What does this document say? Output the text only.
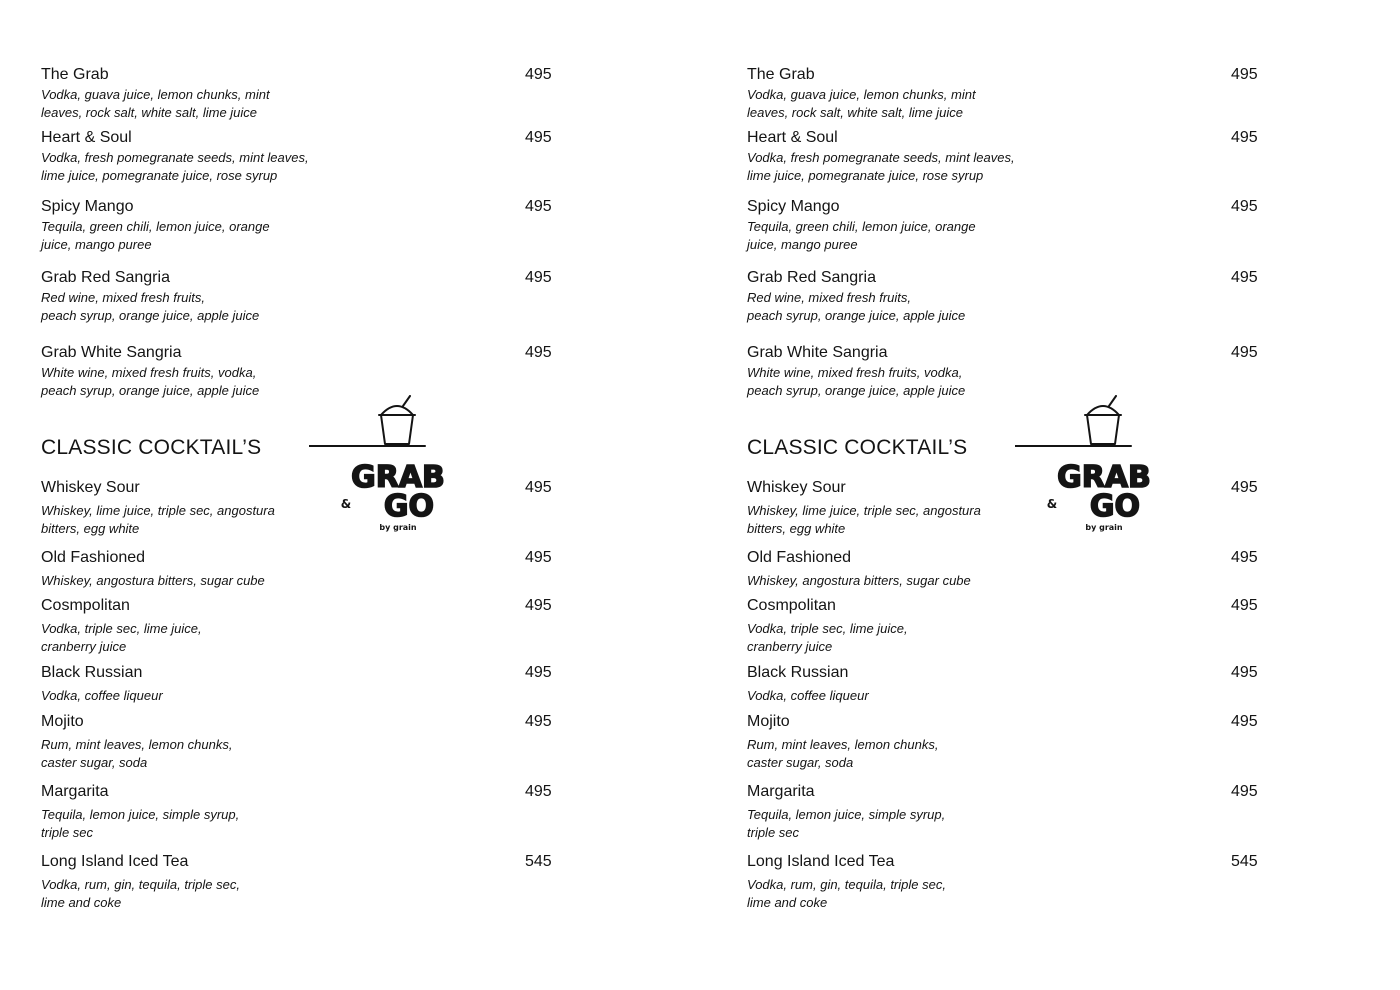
The Grab	495
Vodka, guava juice, lemon chunks, mint
leaves, rock salt, white salt, lime juice
Heart & Soul	495
Vodka, fresh pomegranate seeds, mint leaves,
lime juice, pomegranate juice, rose syrup
Spicy Mango	495
Tequila, green chili, lemon juice, orange
juice, mango puree
Grab Red Sangria	495
Red wine, mixed fresh fruits,
peach syrup, orange juice, apple juice
Grab White Sangria	495
White wine, mixed fresh fruits, vodka,
peach syrup, orange juice, apple juice
CLASSIC COCKTAIL’S
GRAB
& GO
by grain
Whiskey Sour	495
Whiskey, lime juice, triple sec, angostura
bitters, egg white
Old Fashioned	495
Whiskey, angostura bitters, sugar cube
Cosmpolitan	495
Vodka, triple sec, lime juice,
cranberry juice
Black Russian	495
Vodka, coffee liqueur
Mojito	495
Rum, mint leaves, lemon chunks,
caster sugar, soda
Margarita	495
Tequila, lemon juice, simple syrup,
triple sec
Long Island Iced Tea	545
Vodka, rum, gin, tequila, triple sec,
lime and coke
The Grab	495
Vodka, guava juice, lemon chunks, mint
leaves, rock salt, white salt, lime juice
Heart & Soul	495
Vodka, fresh pomegranate seeds, mint leaves,
lime juice, pomegranate juice, rose syrup
Spicy Mango	495
Tequila, green chili, lemon juice, orange
juice, mango puree
Grab Red Sangria	495
Red wine, mixed fresh fruits,
peach syrup, orange juice, apple juice
Grab White Sangria	495
White wine, mixed fresh fruits, vodka,
peach syrup, orange juice, apple juice
CLASSIC COCKTAIL’S
GRAB
& GO
by grain
Whiskey Sour	495
Whiskey, lime juice, triple sec, angostura
bitters, egg white
Old Fashioned	495
Whiskey, angostura bitters, sugar cube
Cosmpolitan	495
Vodka, triple sec, lime juice,
cranberry juice
Black Russian	495
Vodka, coffee liqueur
Mojito	495
Rum, mint leaves, lemon chunks,
caster sugar, soda
Margarita	495
Tequila, lemon juice, simple syrup,
triple sec
Long Island Iced Tea	545
Vodka, rum, gin, tequila, triple sec,
lime and coke
